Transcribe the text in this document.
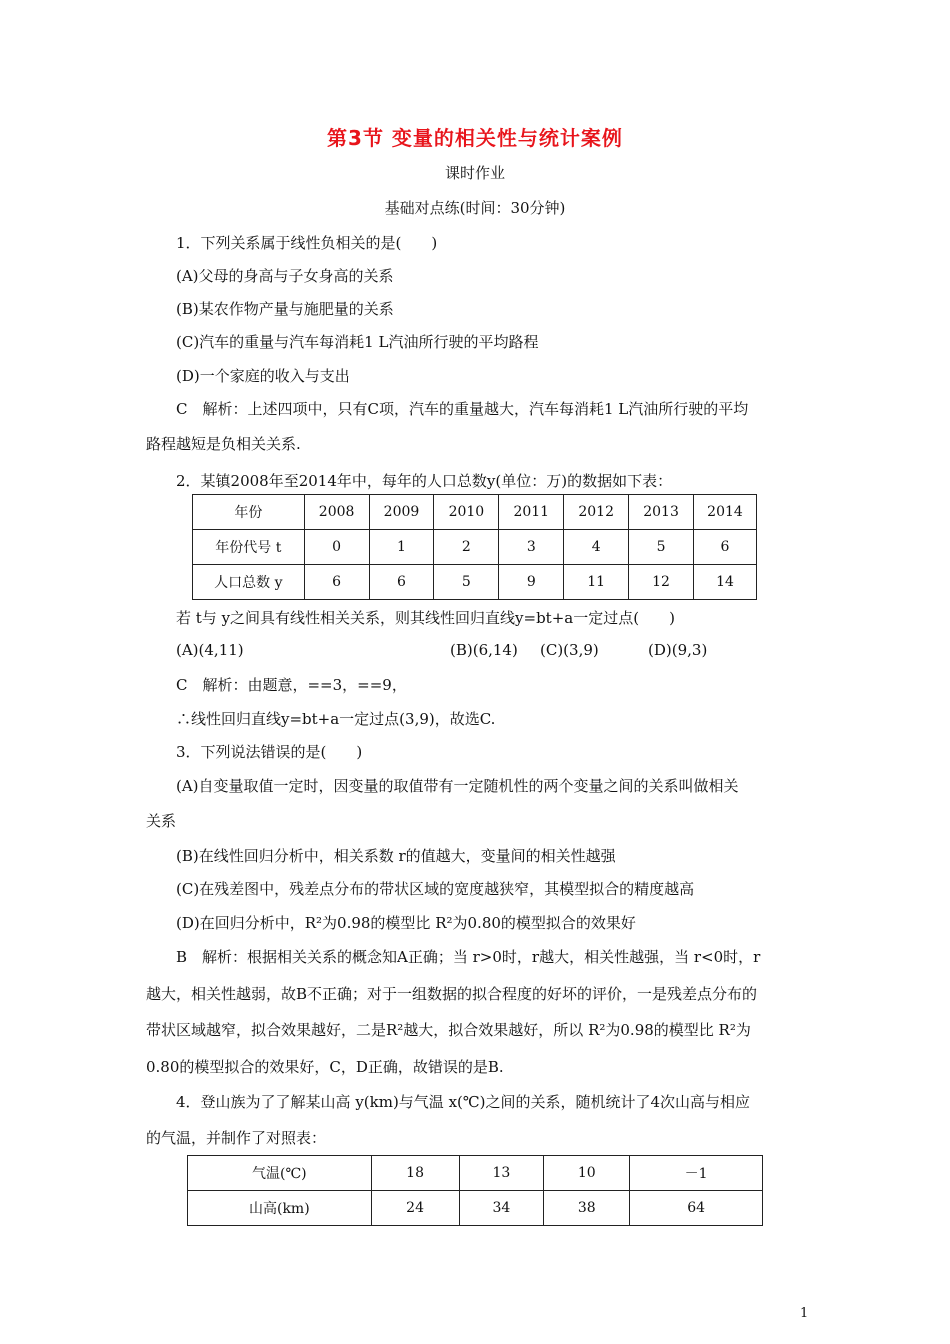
第3节 变量的相关性与统计案例
课时作业
基础对点练(时间：30分钟)
1．下列关系属于线性负相关的是(　　)
(A)父母的身高与子女身高的关系
(B)某农作物产量与施肥量的关系
(C)汽车的重量与汽车每消耗1 L汽油所行驶的平均路程
(D)一个家庭的收入与支出
C　解析：上述四项中，只有C项，汽车的重量越大，汽车每消耗1 L汽油所行驶的平均
路程越短是负相关关系.
2．某镇2008年至2014年中，每年的人口总数y(单位：万)的数据如下表：
年份	2008	2009	2010	2011	2012	2013	2014
年份代号 t	0	1	2	3	4	5	6
人口总数 y	6	6	5	9	11	12	14
若 t与 y之间具有线性相关关系，则其线性回归直线y=bt+a一定过点(　　)
(A)(4,11)	(B)(6,14) (C)(3,9)	(D)(9,3)
C　解析：由题意，==3，==9，
∴线性回归直线y=bt+a一定过点(3,9)，故选C.
3．下列说法错误的是(　　)
(A)自变量取值一定时，因变量的取值带有一定随机性的两个变量之间的关系叫做相关
关系
(B)在线性回归分析中，相关系数 r的值越大，变量间的相关性越强
(C)在残差图中，残差点分布的带状区域的宽度越狭窄，其模型拟合的精度越高
(D)在回归分析中，R²为0.98的模型比 R²为0.80的模型拟合的效果好
B　解析：根据相关关系的概念知A正确；当 r>0时，r越大，相关性越强，当 r<0时，r
越大，相关性越弱，故B不正确；对于一组数据的拟合程度的好坏的评价，一是残差点分布的
带状区域越窄，拟合效果越好，二是R²越大，拟合效果越好，所以 R²为0.98的模型比 R²为
0.80的模型拟合的效果好，C，D正确，故错误的是B.
4．登山族为了了解某山高 y(km)与气温 x(℃)之间的关系，随机统计了4次山高与相应
的气温，并制作了对照表：
气温(℃)	18	13	10	－1
山高(km)	24	34	38	64
1
